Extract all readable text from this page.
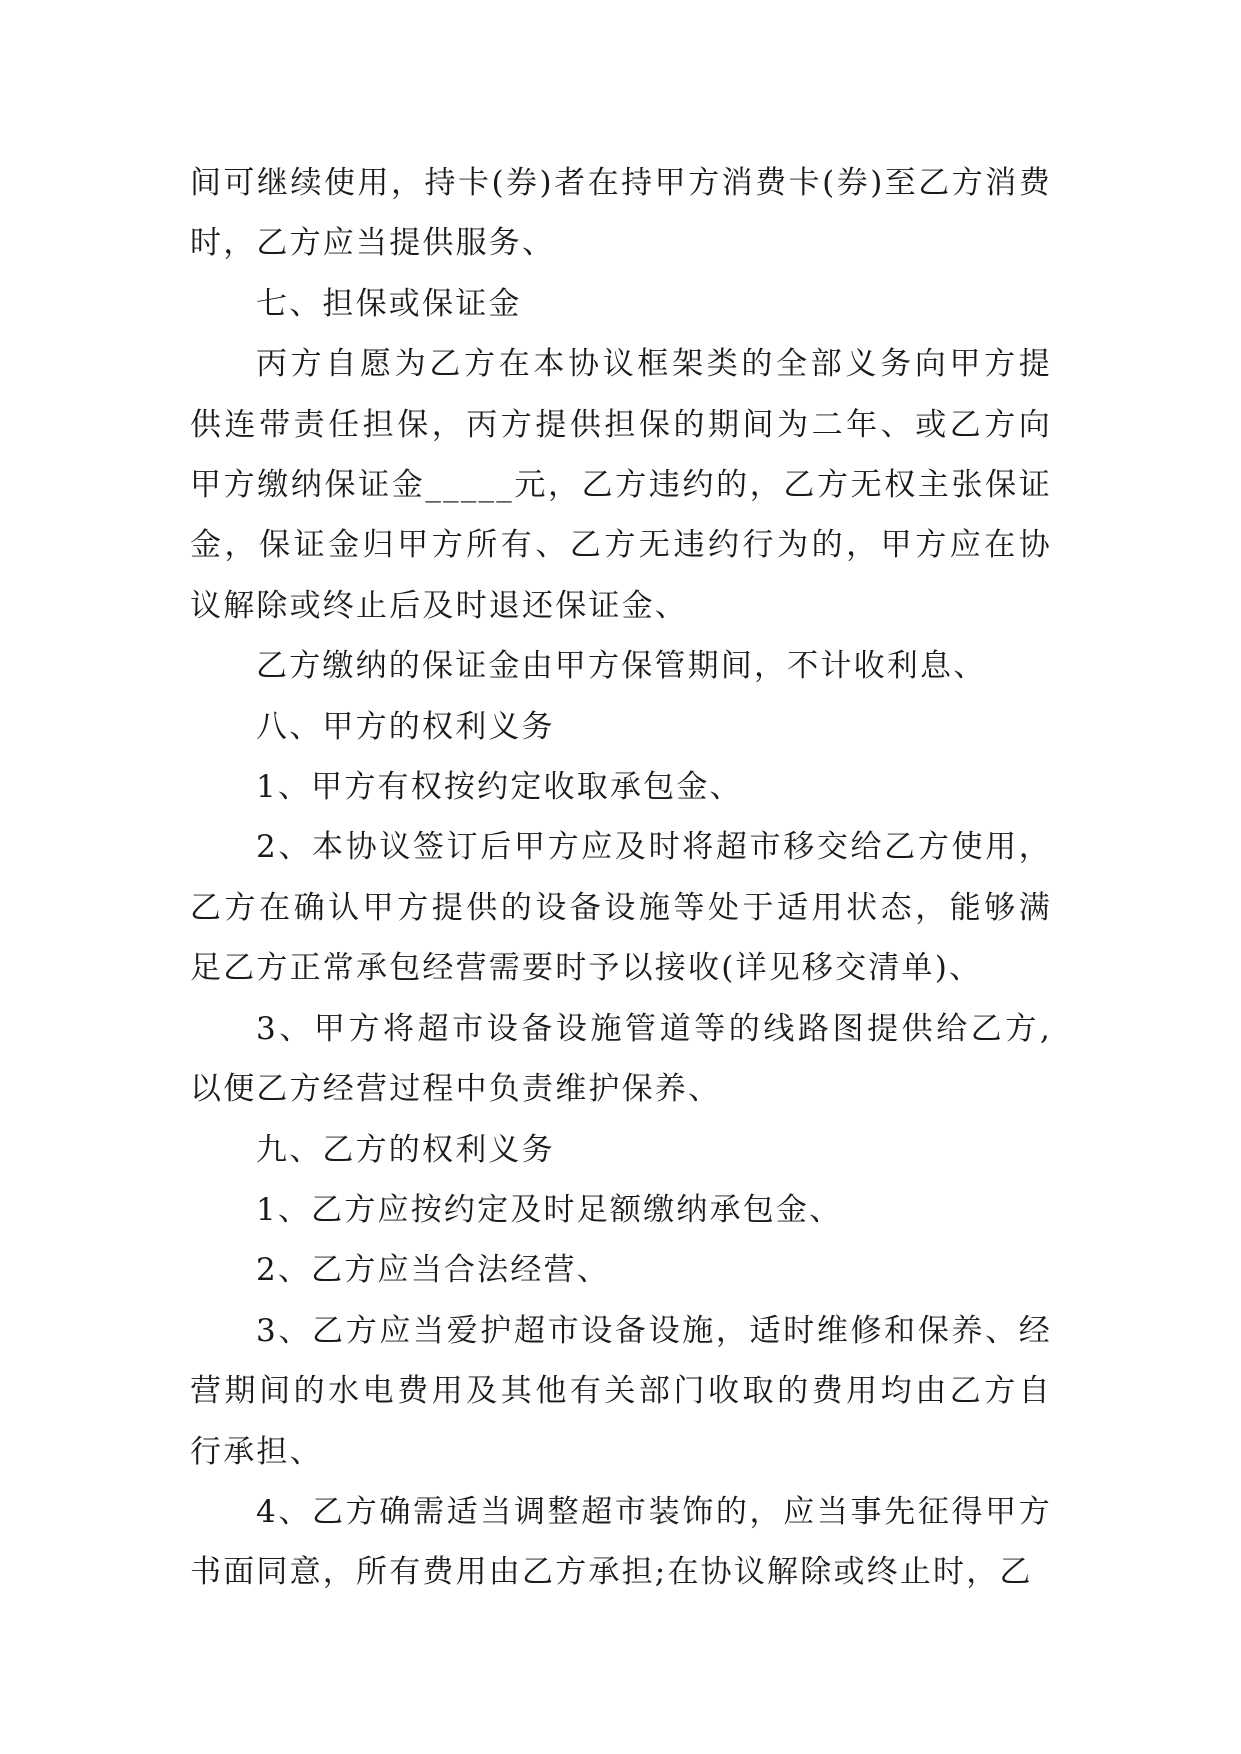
间可继续使用，持卡(券)者在持甲方消费卡(券)至乙方消费时，乙方应当提供服务、

七、担保或保证金

丙方自愿为乙方在本协议框架类的全部义务向甲方提供连带责任担保，丙方提供担保的期间为二年、或乙方向甲方缴纳保证金_____元，乙方违约的，乙方无权主张保证金，保证金归甲方所有、乙方无违约行为的，甲方应在协议解除或终止后及时退还保证金、

乙方缴纳的保证金由甲方保管期间，不计收利息、

八、甲方的权利义务

1、甲方有权按约定收取承包金、

2、本协议签订后甲方应及时将超市移交给乙方使用，乙方在确认甲方提供的设备设施等处于适用状态，能够满足乙方正常承包经营需要时予以接收(详见移交清单)、

3、甲方将超市设备设施管道等的线路图提供给乙方,以便乙方经营过程中负责维护保养、

九、乙方的权利义务

1、乙方应按约定及时足额缴纳承包金、

2、乙方应当合法经营、

3、乙方应当爱护超市设备设施，适时维修和保养、经营期间的水电费用及其他有关部门收取的费用均由乙方自行承担、

4、乙方确需适当调整超市装饰的，应当事先征得甲方书面同意，所有费用由乙方承担;在协议解除或终止时，乙
